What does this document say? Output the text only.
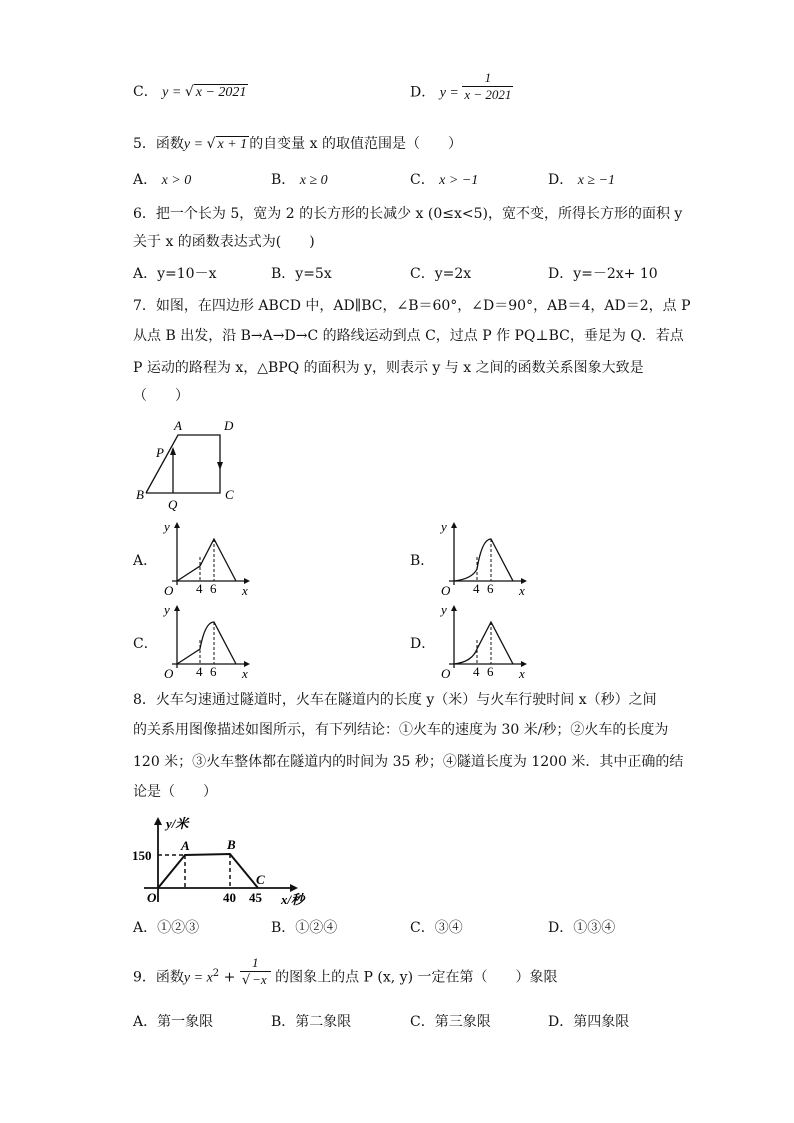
C． y = √ x − 2021	D． $y = \frac{1}{x - 2021}$
5．函数y = √ x + 1 的自变量 x 的取值范围是（　　）
A． x > 0	B． x ≥ 0	C． x > −1	D． x ≥ −1
6．把一个长为 5，宽为 2 的长方形的长减少 x (0≤x<5)，宽不变，所得长方形的面积 y
关于 x 的函数表达式为(　　)
A．y=10－x	B．y=5x	C．y=2x	D．y=－2x+ 10
7．如图，在四边形 ABCD 中，AD∥BC，∠B＝60°，∠D＝90°，AB＝4，AD＝2，点 P
从点 B 出发，沿 B→A→D→C 的路线运动到点 C，过点 P 作 PQ⊥BC，垂足为 Q．若点
P 运动的路程为 x，△BPQ 的面积为 y，则表示 y 与 x 之间的函数关系图象大致是
（　　）
A	D
P
B
Q
C
A．
y
x
O 4 6
B．
y
x
O 4 6
C．
y
x
O 4 6
D．
y
x
O 4 6
8．火车匀速通过隧道时，火车在隧道内的长度 y（米）与火车行驶时间 x（秒）之间
的关系用图像描述如图所示，有下列结论：①火车的速度为 30 米/秒；②火车的长度为
120 米；③火车整体都在隧道内的时间为 35 秒；④隧道长度为 1200 米．其中正确的结
论是（　　）
y/米
150
A	B
C
O	40 45 x/秒
A．①②③	B．①②④	C．③④	D．①③④
9．函数$y = x^2 + \frac{1}{√ -x}$ 的图象上的点 P (x, y) 一定在第（　　）象限
A．第一象限	B．第二象限	C．第三象限	D．第四象限
